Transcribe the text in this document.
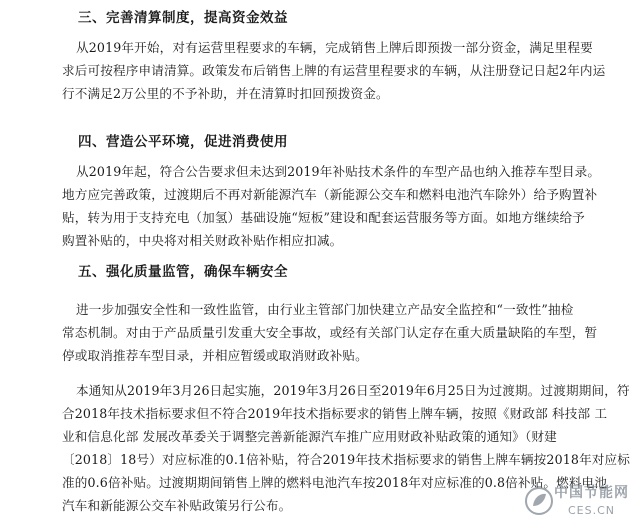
三、完善清算制度，提高资金效益
从2019年开始，对有运营里程要求的车辆，完成销售上牌后即预拨一部分资金，满足里程要
求后可按程序申请清算。政策发布后销售上牌的有运营里程要求的车辆，从注册登记日起2年内运
行不满足2万公里的不予补助，并在清算时扣回预拨资金。
四、营造公平环境，促进消费使用
从2019年起，符合公告要求但未达到2019年补贴技术条件的车型产品也纳入推荐车型目录。
地方应完善政策，过渡期后不再对新能源汽车（新能源公交车和燃料电池汽车除外）给予购置补
贴，转为用于支持充电（加氢）基础设施“短板”建设和配套运营服务等方面。如地方继续给予
购置补贴的，中央将对相关财政补贴作相应扣减。
五、强化质量监管，确保车辆安全
进一步加强安全性和一致性监管，由行业主管部门加快建立产品安全监控和“一致性”抽检
常态机制。对由于产品质量引发重大安全事故，或经有关部门认定存在重大质量缺陷的车型，暂
停或取消推荐车型目录，并相应暂缓或取消财政补贴。
本通知从2019年3月26日起实施，2019年3月26日至2019年6月25日为过渡期。过渡期期间，符
合2018年技术指标要求但不符合2019年技术指标要求的销售上牌车辆，按照《财政部 科技部 工
业和信息化部 发展改革委关于调整完善新能源汽车推广应用财政补贴政策的通知》（财建
〔2018〕18号）对应标准的0.1倍补贴，符合2019年技术指标要求的销售上牌车辆按2018年对应标
准的0.6倍补贴。过渡期期间销售上牌的燃料电池汽车按2018年对应标准的0.8倍补贴。燃料电池
汽车和新能源公交车补贴政策另行公布。
中国节能网
CES.CN
